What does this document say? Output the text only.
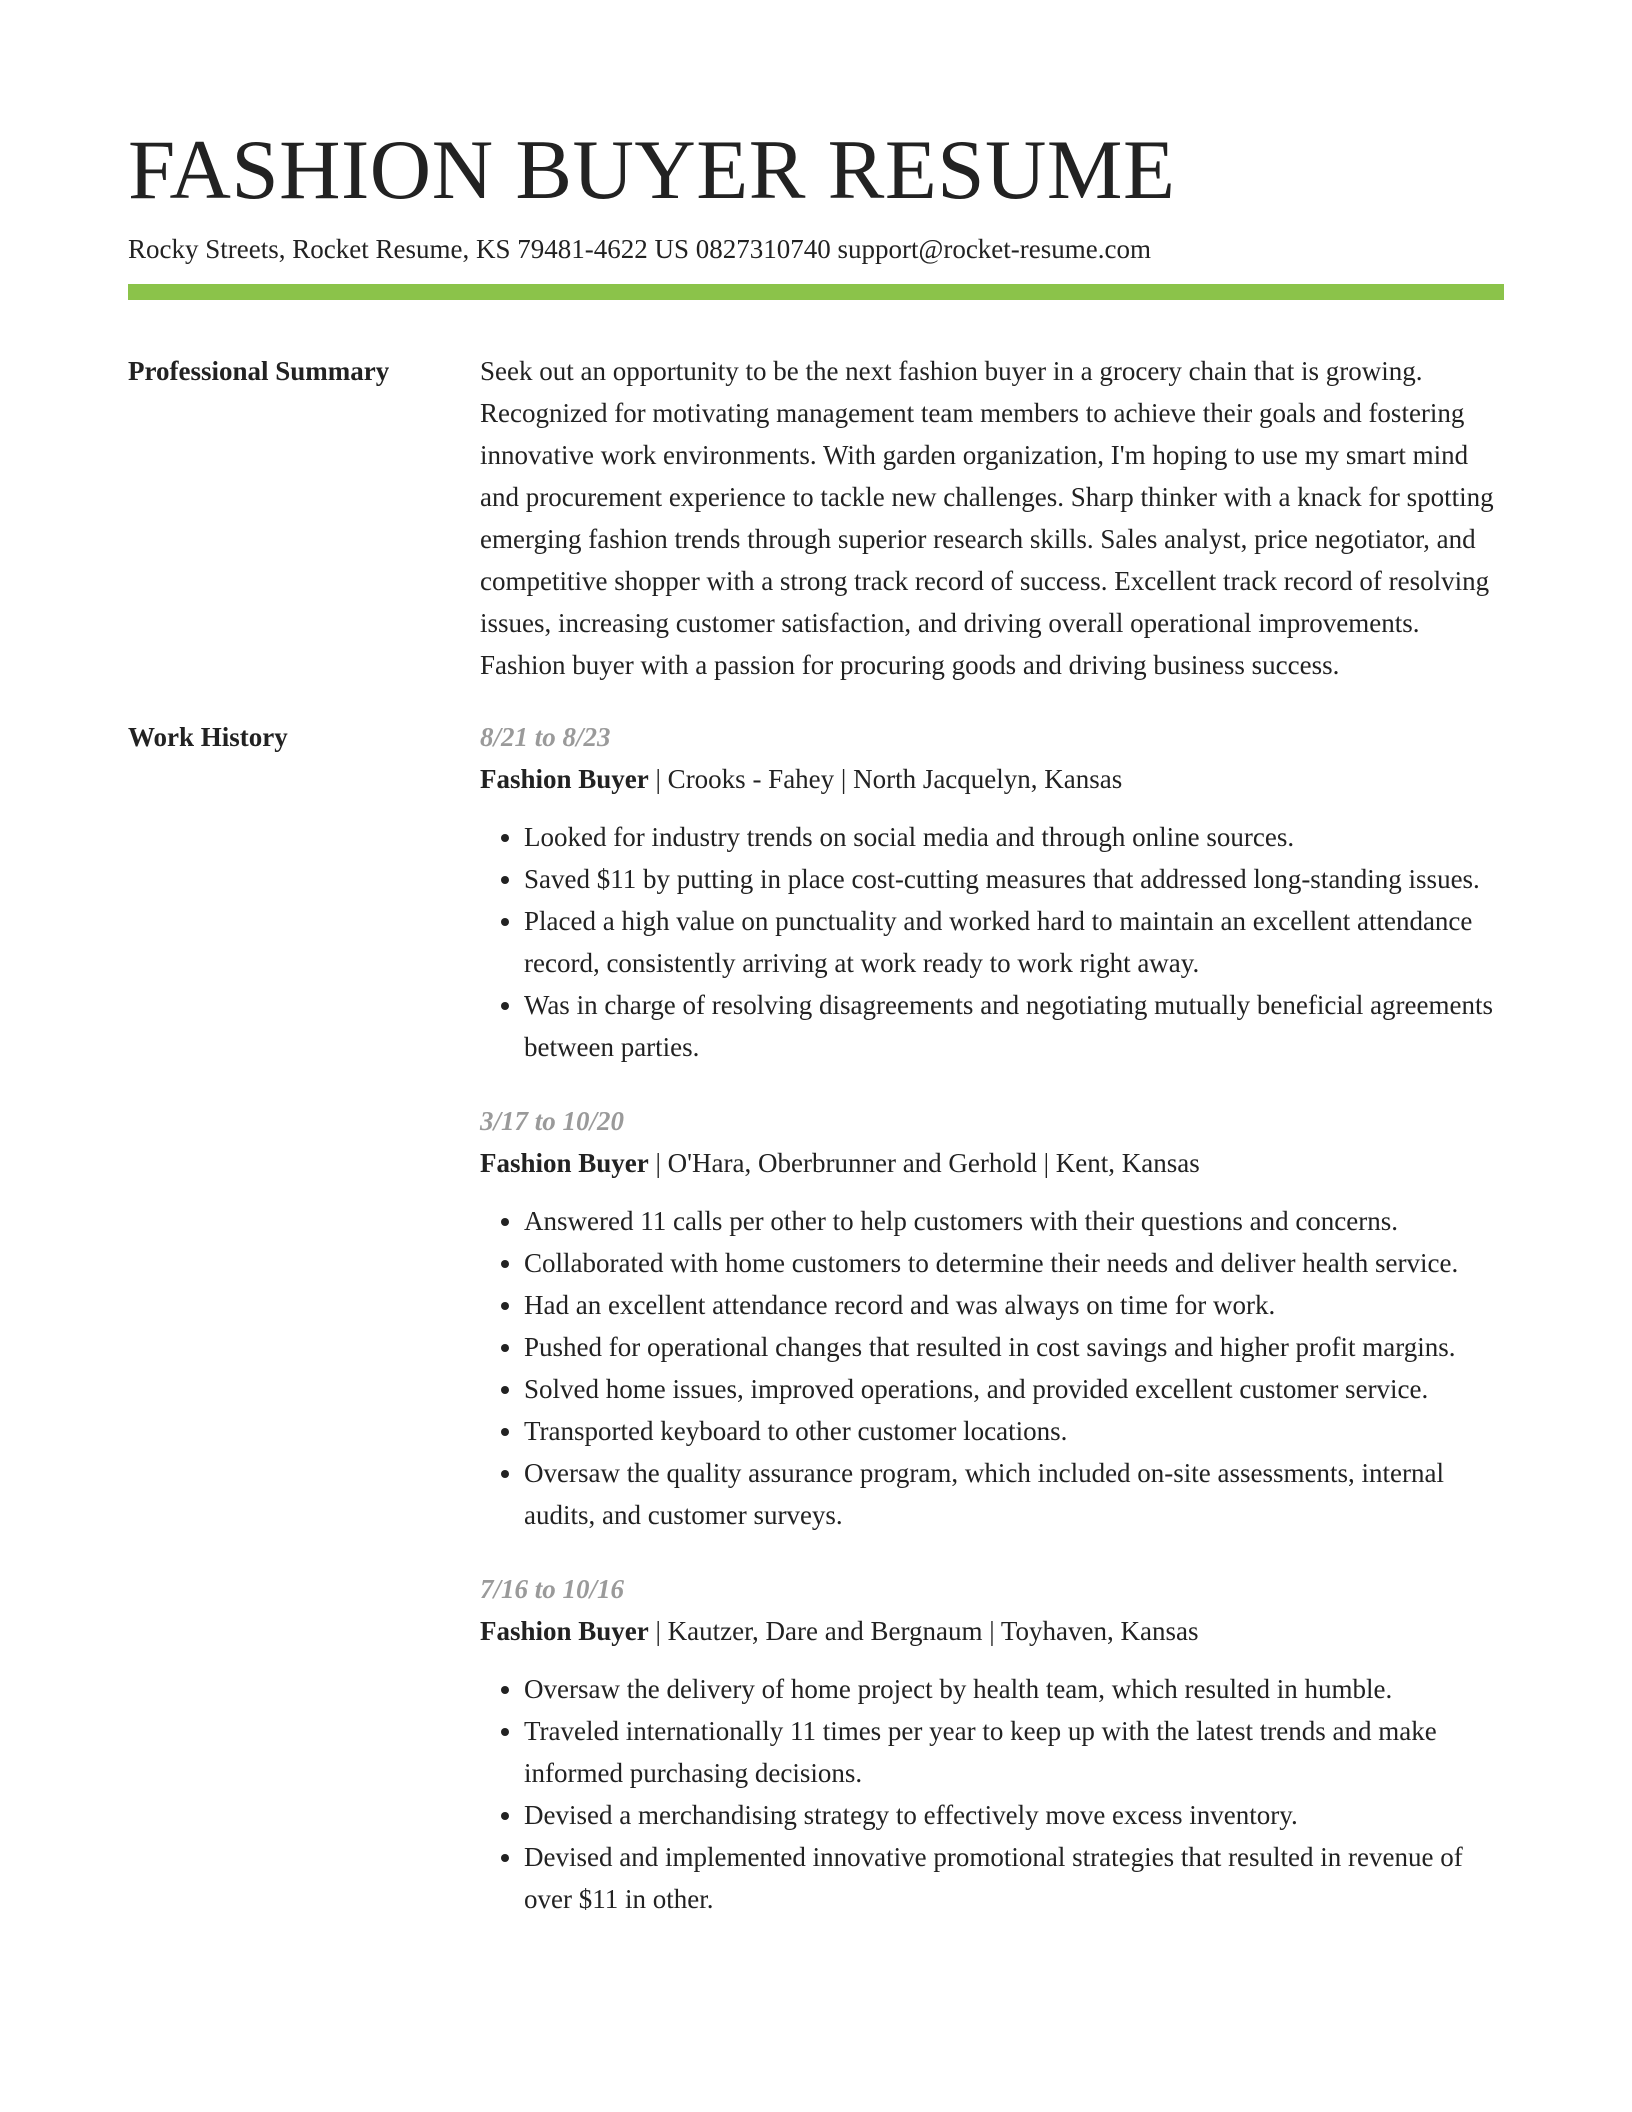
FASHION BUYER RESUME
Rocky Streets, Rocket Resume, KS 79481-4622 US 0827310740 support@rocket-resume.com
Professional Summary	Seek out an opportunity to be the next fashion buyer in a grocery chain that is growing. Recognized for motivating management team members to achieve their goals and fostering innovative work environments. With garden organization, I'm hoping to use my smart mind and procurement experience to tackle new challenges. Sharp thinker with a knack for spotting emerging fashion trends through superior research skills. Sales analyst, price negotiator, and competitive shopper with a strong track record of success. Excellent track record of resolving issues, increasing customer satisfaction, and driving overall operational improvements. Fashion buyer with a passion for procuring goods and driving business success.

Work History	8/21 to 8/23
Fashion Buyer | Crooks - Fahey | North Jacquelyn, Kansas
• Looked for industry trends on social media and through online sources.
• Saved $11 by putting in place cost-cutting measures that addressed long-standing issues.
• Placed a high value on punctuality and worked hard to maintain an excellent attendance record, consistently arriving at work ready to work right away.
• Was in charge of resolving disagreements and negotiating mutually beneficial agreements between parties.
3/17 to 10/20
Fashion Buyer | O'Hara, Oberbrunner and Gerhold | Kent, Kansas
• Answered 11 calls per other to help customers with their questions and concerns.
• Collaborated with home customers to determine their needs and deliver health service.
• Had an excellent attendance record and was always on time for work.
• Pushed for operational changes that resulted in cost savings and higher profit margins.
• Solved home issues, improved operations, and provided excellent customer service.
• Transported keyboard to other customer locations.
• Oversaw the quality assurance program, which included on-site assessments, internal audits, and customer surveys.
7/16 to 10/16
Fashion Buyer | Kautzer, Dare and Bergnaum | Toyhaven, Kansas
• Oversaw the delivery of home project by health team, which resulted in humble.
• Traveled internationally 11 times per year to keep up with the latest trends and make informed purchasing decisions.
• Devised a merchandising strategy to effectively move excess inventory.
• Devised and implemented innovative promotional strategies that resulted in revenue of over $11 in other.
